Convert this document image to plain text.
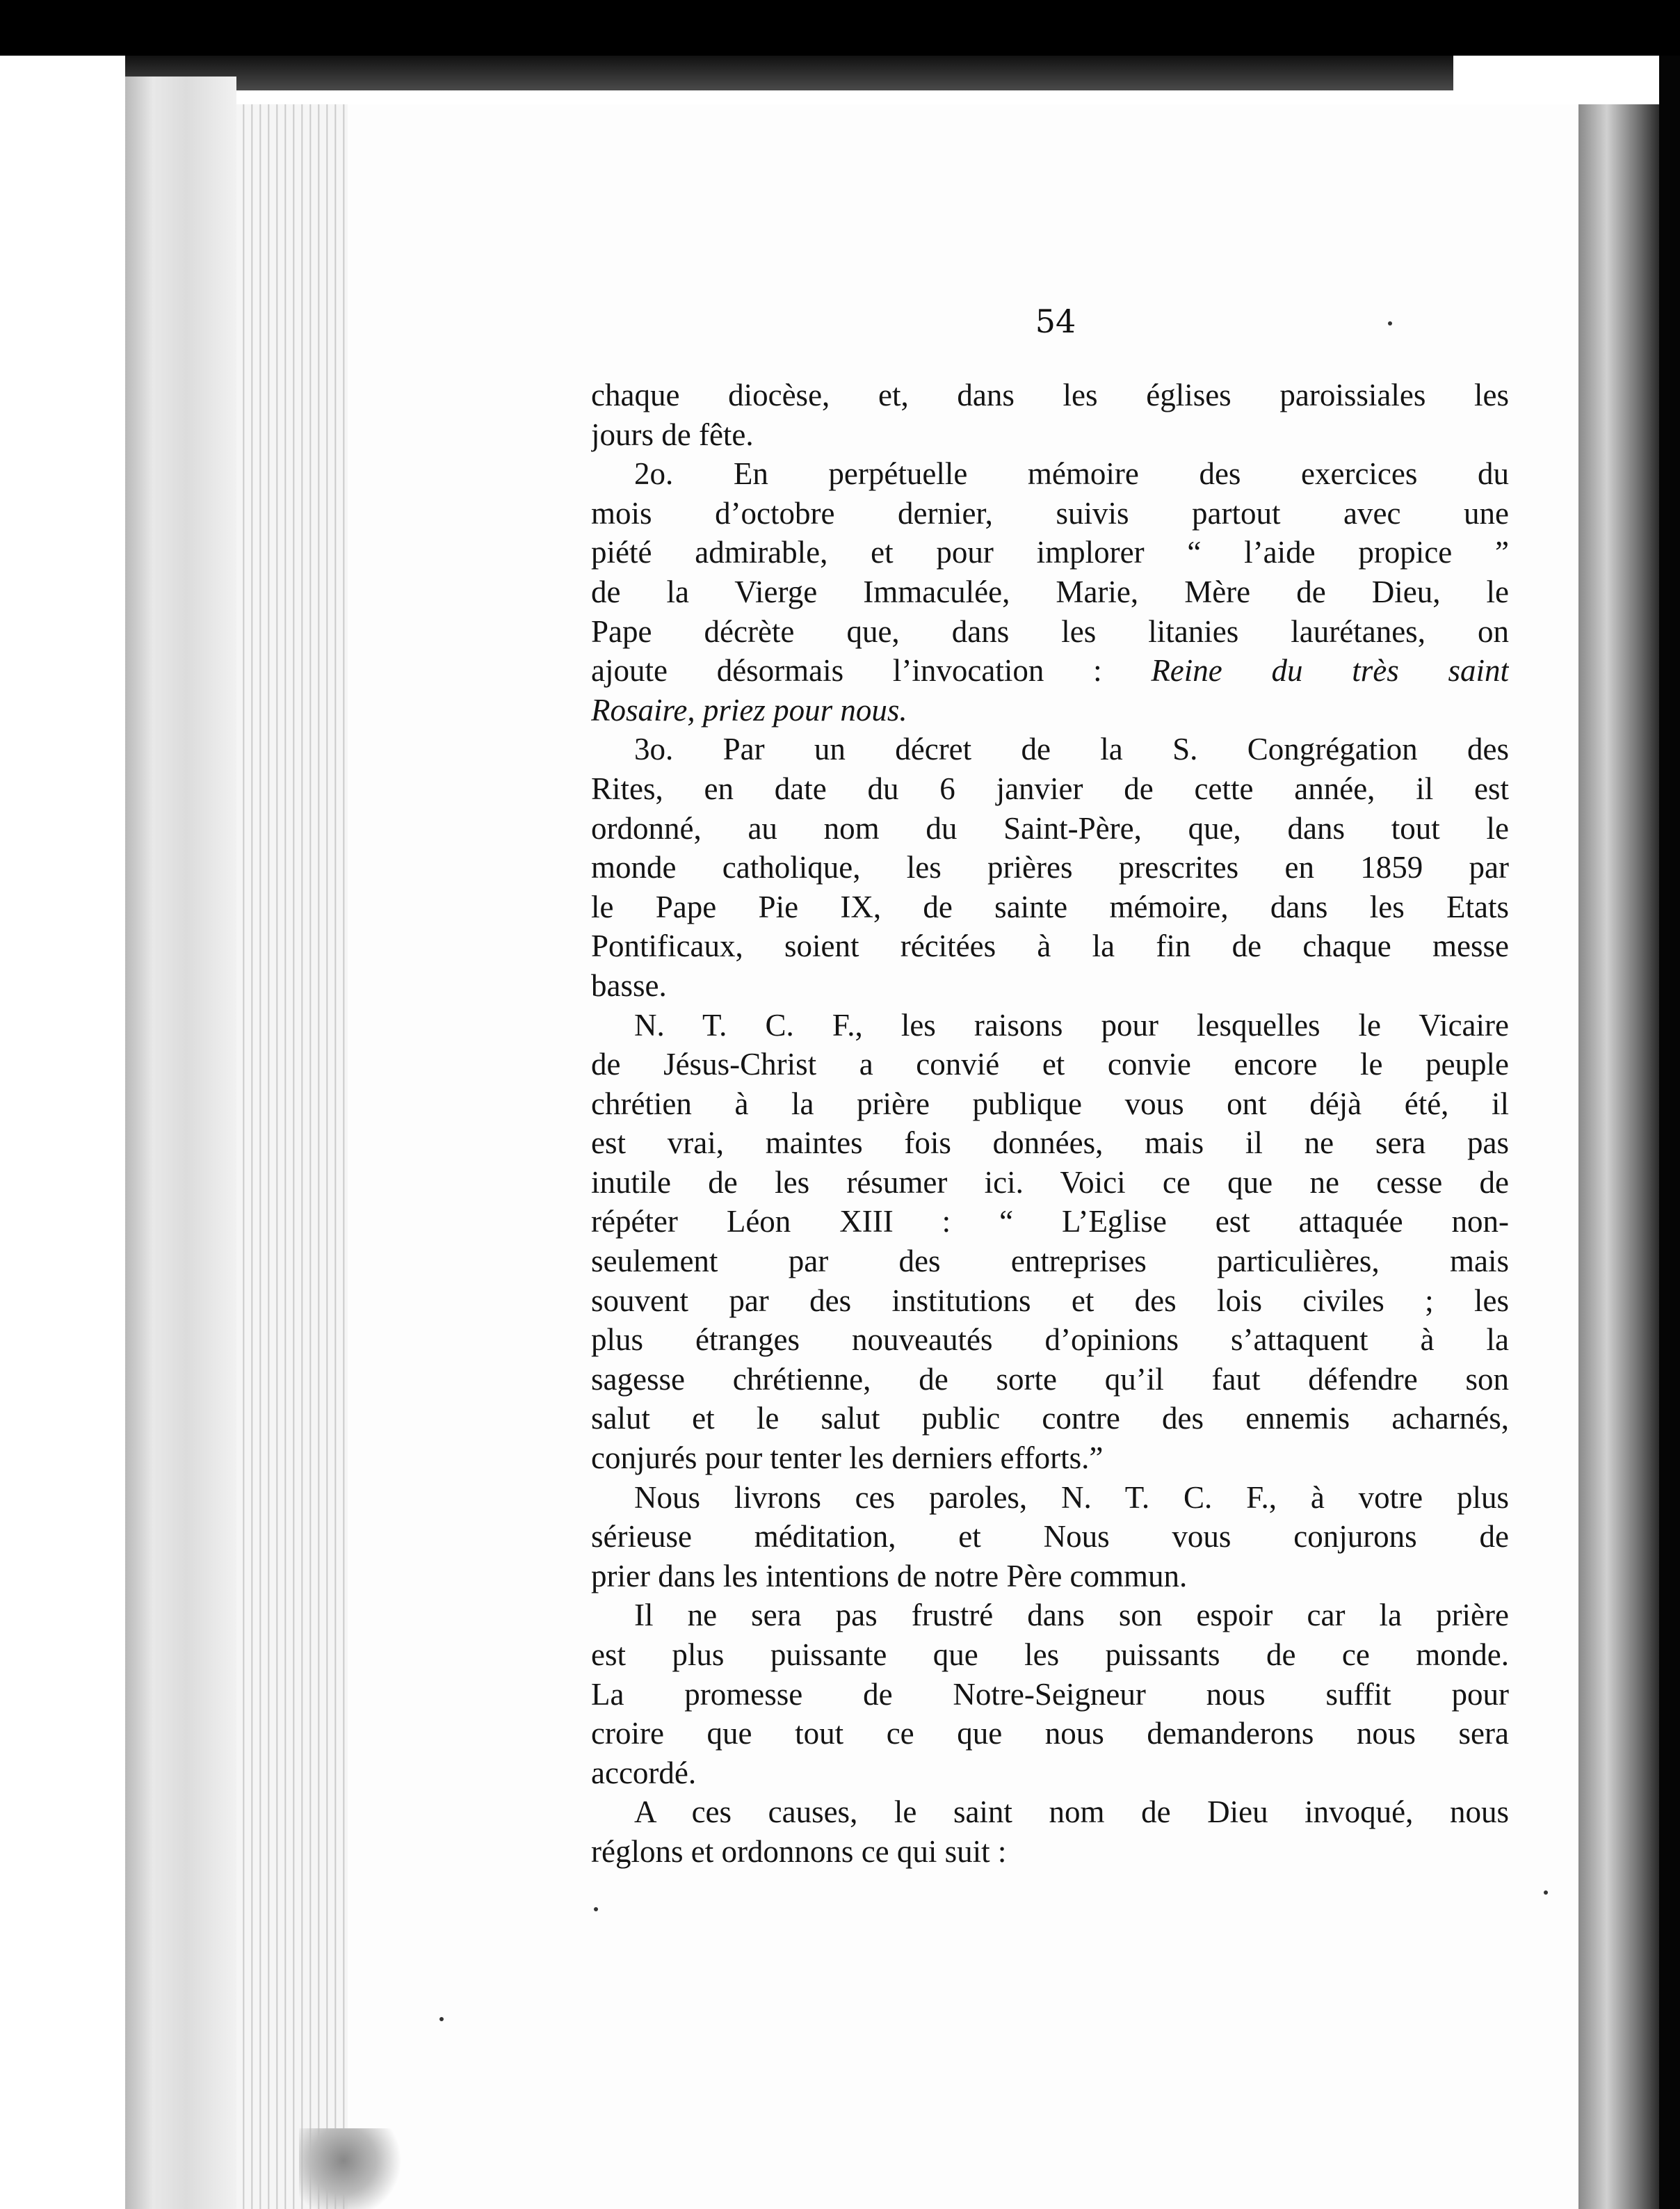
54
chaque diocèse, et, dans les églises paroissiales les
jours de fête.
2o. En perpétuelle mémoire des exercices du
mois d’octobre dernier, suivis partout avec une
piété admirable, et pour implorer “ l’aide propice ”
de la Vierge Immaculée, Marie, Mère de Dieu, le
Pape décrète que, dans les litanies laurétanes, on
ajoute désormais l’invocation : Reine du très saint
Rosaire, priez pour nous.
3o. Par un décret de la S. Congrégation des
Rites, en date du 6 janvier de cette année, il est
ordonné, au nom du Saint-Père, que, dans tout le
monde catholique, les prières prescrites en 1859 par
le Pape Pie IX, de sainte mémoire, dans les Etats
Pontificaux, soient récitées à la fin de chaque messe
basse.
N. T. C. F., les raisons pour lesquelles le Vicaire
de Jésus-Christ a convié et convie encore le peuple
chrétien à la prière publique vous ont déjà été, il
est vrai, maintes fois données, mais il ne sera pas
inutile de les résumer ici. Voici ce que ne cesse de
répéter Léon XIII : “ L’Eglise est attaquée non-
seulement par des entreprises particulières, mais
souvent par des institutions et des lois civiles ; les
plus étranges nouveautés d’opinions s’attaquent à la
sagesse chrétienne, de sorte qu’il faut défendre son
salut et le salut public contre des ennemis acharnés,
conjurés pour tenter les derniers efforts.”
Nous livrons ces paroles, N. T. C. F., à votre plus
sérieuse méditation, et Nous vous conjurons de
prier dans les intentions de notre Père commun.
Il ne sera pas frustré dans son espoir car la prière
est plus puissante que les puissants de ce monde.
La promesse de Notre-Seigneur nous suffit pour
croire que tout ce que nous demanderons nous sera
accordé.
A ces causes, le saint nom de Dieu invoqué, nous
réglons et ordonnons ce qui suit :
